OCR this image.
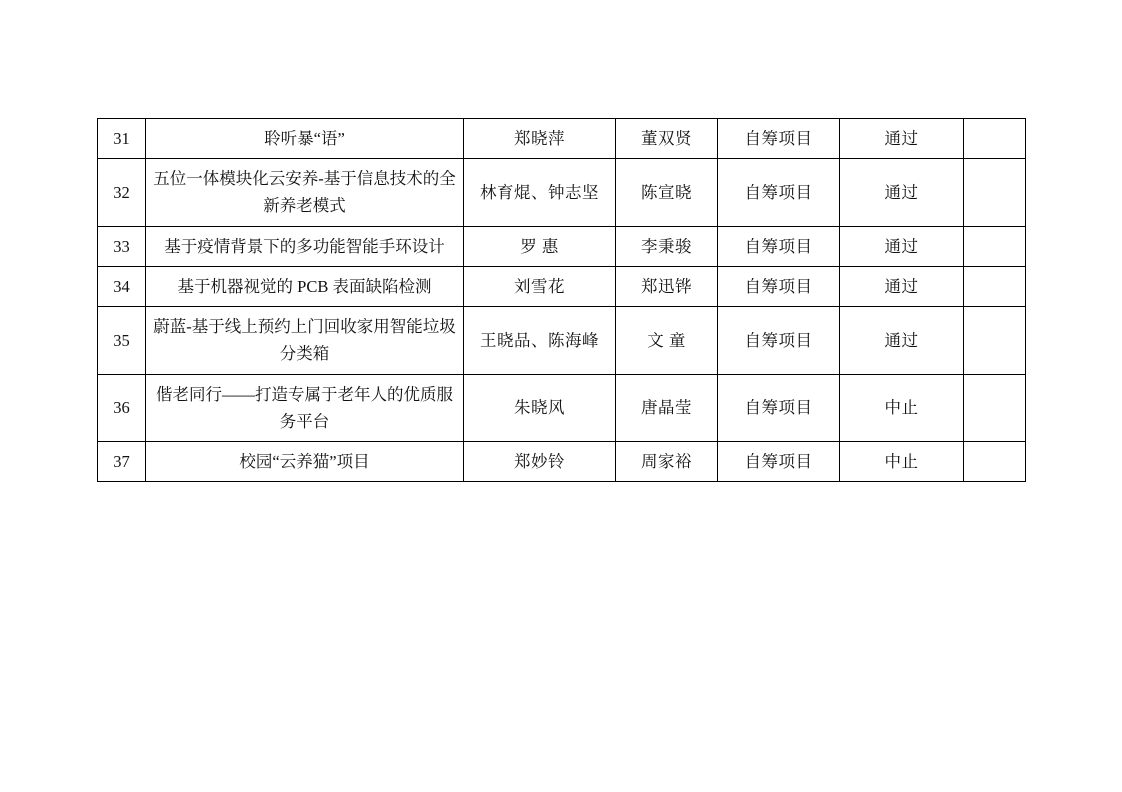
31	聆听暴“语”	郑晓萍	董双贤	自筹项目	通过	
32	五位一体模块化云安养-基于信息技术的全新养老模式	林育焜、钟志坚	陈宣晓	自筹项目	通过	
33	基于疫情背景下的多功能智能手环设计	罗 惠	李秉骏	自筹项目	通过	
34	基于机器视觉的 PCB 表面缺陷检测	刘雪花	郑迅铧	自筹项目	通过	
35	蔚蓝-基于线上预约上门回收家用智能垃圾分类箱	王晓品、陈海峰	文 童	自筹项目	通过	
36	偕老同行——打造专属于老年人的优质服务平台	朱晓风	唐晶莹	自筹项目	中止	
37	校园“云养猫”项目	郑妙铃	周家裕	自筹项目	中止	
